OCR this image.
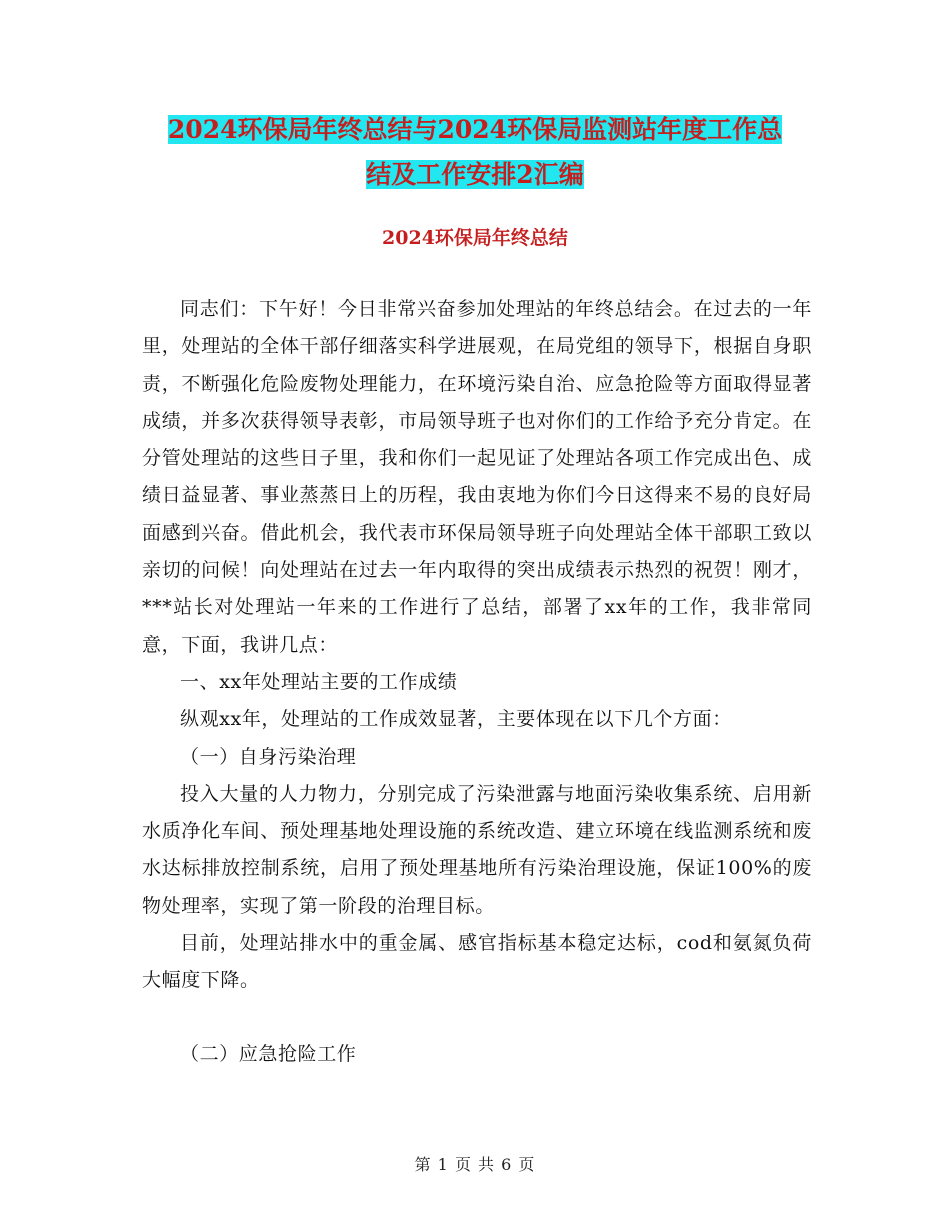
2024环保局年终总结与2024环保局监测站年度工作总
结及工作安排2汇编
2024环保局年终总结

同志们：下午好！今日非常兴奋参加处理站的年终总结会。在过去的一年里，处理站的全体干部仔细落实科学进展观，在局党组的领导下，根据自身职责，不断强化危险废物处理能力，在环境污染自治、应急抢险等方面取得显著成绩，并多次获得领导表彰，市局领导班子也对你们的工作给予充分肯定。在分管处理站的这些日子里，我和你们一起见证了处理站各项工作完成出色、成绩日益显著、事业蒸蒸日上的历程，我由衷地为你们今日这得来不易的良好局面感到兴奋。借此机会，我代表市环保局领导班子向处理站全体干部职工致以亲切的问候！向处理站在过去一年内取得的突出成绩表示热烈的祝贺！刚才，***站长对处理站一年来的工作进行了总结，部署了xx年的工作，我非常同意，下面，我讲几点：

一、xx年处理站主要的工作成绩

纵观xx年，处理站的工作成效显著，主要体现在以下几个方面：

（一）自身污染治理

投入大量的人力物力，分别完成了污染泄露与地面污染收集系统、启用新水质净化车间、预处理基地处理设施的系统改造、建立环境在线监测系统和废水达标排放控制系统，启用了预处理基地所有污染治理设施，保证100%的废物处理率，实现了第一阶段的治理目标。

目前，处理站排水中的重金属、感官指标基本稳定达标，cod和氨氮负荷大幅度下降。

（二）应急抢险工作

第 1 页 共 6 页
